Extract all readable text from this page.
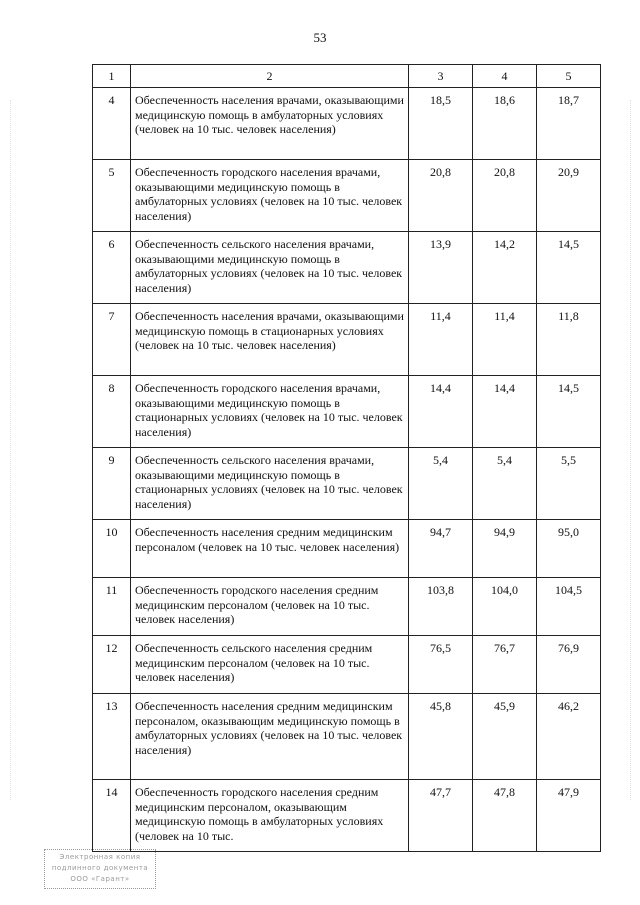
53
1	2	3	4	5
4	Обеспеченность населения врачами, оказывающими медицинскую помощь в амбулаторных условиях (человек на 10 тыс. человек населения)	18,5	18,6	18,7
5	Обеспеченность городского населения врачами, оказывающими медицинскую помощь в амбулаторных условиях (человек на 10 тыс. человек населения)	20,8	20,8	20,9
6	Обеспеченность сельского населения врачами, оказывающими медицинскую помощь в амбулаторных условиях (человек на 10 тыс. человек населения)	13,9	14,2	14,5
7	Обеспеченность населения врачами, оказывающими медицинскую помощь в стационарных условиях (человек на 10 тыс. человек населения)	11,4	11,4	11,8
8	Обеспеченность городского населения врачами, оказывающими медицинскую помощь в стационарных условиях (человек на 10 тыс. человек населения)	14,4	14,4	14,5
9	Обеспеченность сельского населения врачами, оказывающими медицинскую помощь в стационарных условиях (человек на 10 тыс. человек населения)	5,4	5,4	5,5
10	Обеспеченность населения средним медицинским персоналом (человек на 10 тыс. человек населения)	94,7	94,9	95,0
11	Обеспеченность городского населения средним медицинским персоналом (человек на 10 тыс. человек населения)	103,8	104,0	104,5
12	Обеспеченность сельского населения средним медицинским персоналом (человек на 10 тыс. человек населения)	76,5	76,7	76,9
13	Обеспеченность населения средним медицинским персоналом, оказывающим медицинскую помощь в амбулаторных условиях (человек на 10 тыс. человек населения)	45,8	45,9	46,2
14	Обеспеченность городского населения средним медицинским персоналом, оказывающим медицинскую помощь в амбулаторных условиях (человек на 10 тыс.	47,7	47,8	47,9
Электронная копия
подлинного документа
ООО «Гарант»
